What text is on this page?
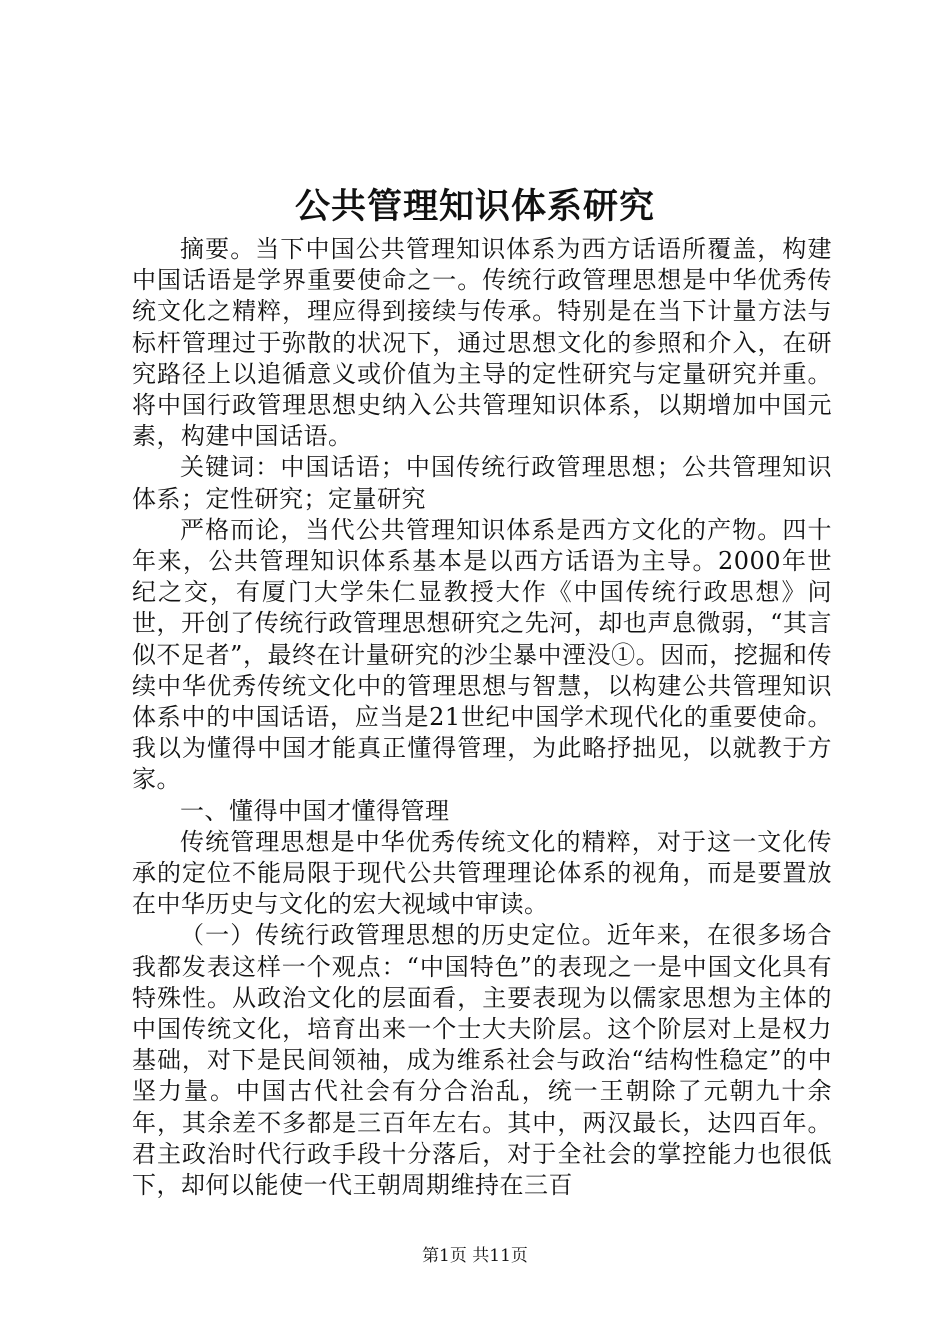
公共管理知识体系研究

摘要。当下中国公共管理知识体系为西方话语所覆盖，构建中国话语是学界重要使命之一。传统行政管理思想是中华优秀传统文化之精粹，理应得到接续与传承。特别是在当下计量方法与标杆管理过于弥散的状况下，通过思想文化的参照和介入，在研究路径上以追循意义或价值为主导的定性研究与定量研究并重。将中国行政管理思想史纳入公共管理知识体系，以期增加中国元素，构建中国话语。

关键词：中国话语；中国传统行政管理思想；公共管理知识体系；定性研究；定量研究

严格而论，当代公共管理知识体系是西方文化的产物。四十年来，公共管理知识体系基本是以西方话语为主导。2000年世纪之交，有厦门大学朱仁显教授大作《中国传统行政思想》问世，开创了传统行政管理思想研究之先河，却也声息微弱，“其言似不足者”，最终在计量研究的沙尘暴中湮没①。因而，挖掘和传续中华优秀传统文化中的管理思想与智慧，以构建公共管理知识体系中的中国话语，应当是21世纪中国学术现代化的重要使命。我以为懂得中国才能真正懂得管理，为此略抒拙见，以就教于方家。

一、懂得中国才懂得管理

传统管理思想是中华优秀传统文化的精粹，对于这一文化传承的定位不能局限于现代公共管理理论体系的视角，而是要置放在中华历史与文化的宏大视域中审读。

（一）传统行政管理思想的历史定位。近年来，在很多场合我都发表这样一个观点：“中国特色”的表现之一是中国文化具有特殊性。从政治文化的层面看，主要表现为以儒家思想为主体的中国传统文化，培育出来一个士大夫阶层。这个阶层对上是权力基础，对下是民间领袖，成为维系社会与政治“结构性稳定”的中坚力量。中国古代社会有分合治乱，统一王朝除了元朝九十余年，其余差不多都是三百年左右。其中，两汉最长，达四百年。君主政治时代行政手段十分落后，对于全社会的掌控能力也很低下，却何以能使一代王朝周期维持在三百

第1页 共11页
